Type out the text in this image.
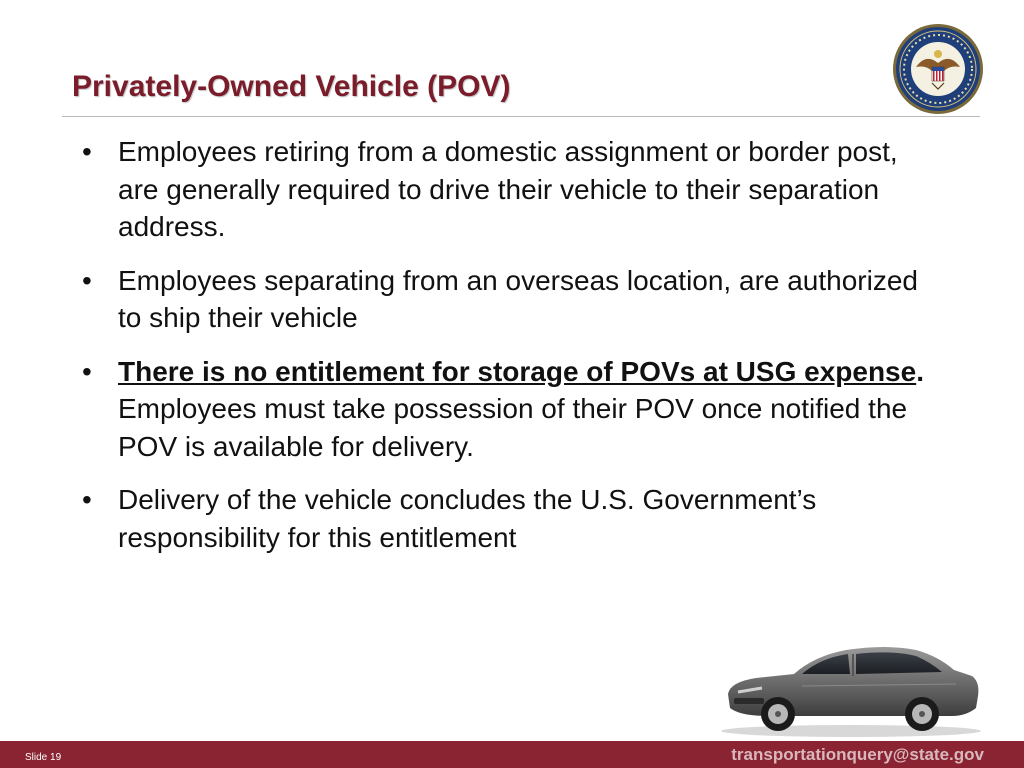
Privately-Owned Vehicle (POV)
• Employees retiring from a domestic assignment or border post, are generally required to drive their vehicle to their separation address.
• Employees separating from an overseas location, are authorized to ship their vehicle
• There is no entitlement for storage of POVs at USG expense.  Employees must take possession of their POV once notified the POV is available for delivery.
• Delivery of the vehicle concludes the U.S. Government’s responsibility for this entitlement
Slide 19	transportationquery@state.gov
